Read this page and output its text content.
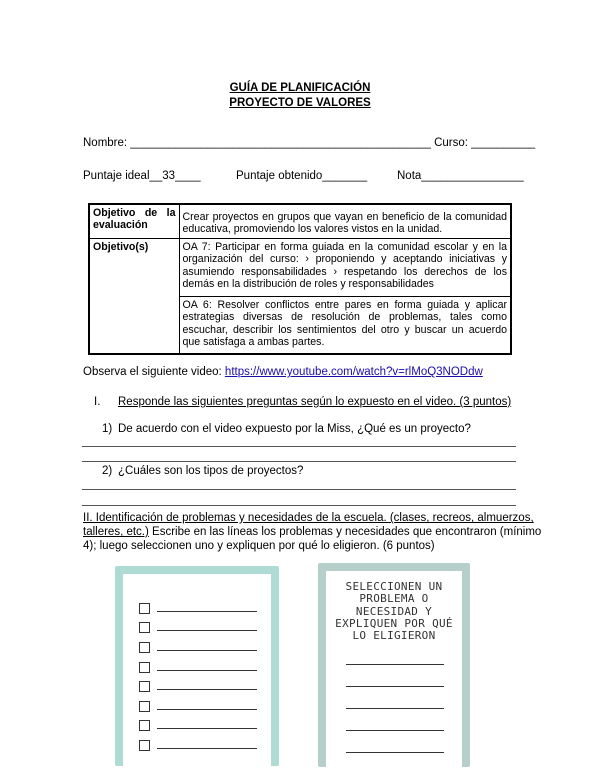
GUÍA DE PLANIFICACIÓN
PROYECTO DE VALORES
Nombre: _______________________________________________ Curso: __________
Puntaje ideal__33____	Puntaje obtenido_______	Nota________________
Objetivo de la evaluación	Crear proyectos en grupos que vayan en beneficio de la comunidad educativa, promoviendo los valores vistos en la unidad.
Objetivo(s)	OA 7: Participar en forma guiada en la comunidad escolar y en la organización del curso: › proponiendo y aceptando iniciativas y asumiendo responsabilidades › respetando los derechos de los demás en la distribución de roles y responsabilidades
	OA 6: Resolver conflictos entre pares en forma guiada y aplicar estrategias diversas de resolución de problemas, tales como escuchar, describir los sentimientos del otro y buscar un acuerdo que satisfaga a ambas partes.
Observa el siguiente video: https://www.youtube.com/watch?v=rlMoQ3NODdw
I. Responde las siguientes preguntas según lo expuesto en el video. (3 puntos)
1) De acuerdo con el video expuesto por la Miss, ¿Qué es un proyecto?
2) ¿Cuáles son los tipos de proyectos?
II. Identificación de problemas y necesidades de la escuela. (clases, recreos, almuerzos,
talleres, etc.) Escribe en las líneas los problemas y necesidades que encontraron (mínimo
4); luego seleccionen uno y expliquen por qué lo eligieron. (6 puntos)
SELECCIONEN UN
PROBLEMA O
NECESIDAD Y
EXPLIQUEN POR QUÉ
LO ELIGIERON
